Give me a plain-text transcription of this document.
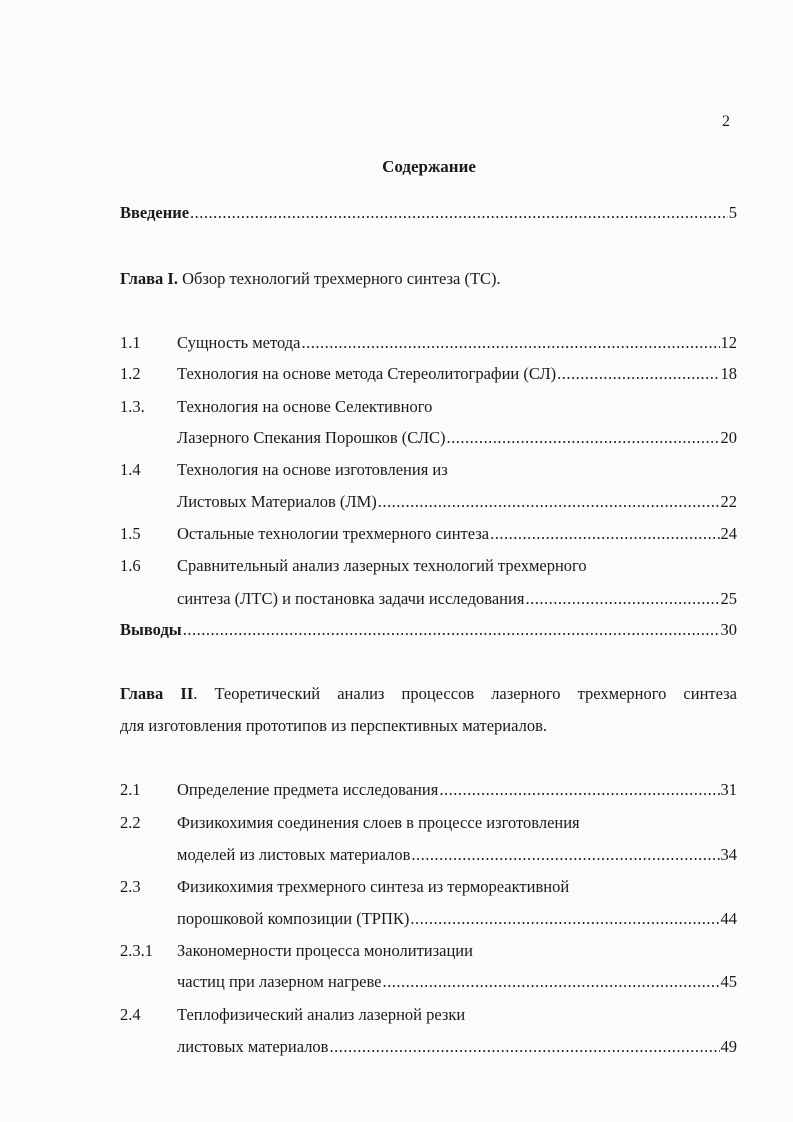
2
Содержание
Введение .....	5
Глава I. Обзор технологий трехмерного синтеза (ТС).
1.1 Сущность метода .....	12
1.2 Технология на основе метода Стереолитографии (СЛ) .....	18
1.3. Технология на основе Селективного
Лазерного Спекания Порошков (СЛС) .....	20
1.4 Технология на основе изготовления из
Листовых Материалов (ЛМ) .....	22
1.5 Остальные технологии трехмерного синтеза .....	24
1.6 Сравнительный анализ лазерных технологий трехмерного
синтеза (ЛТС) и постановка задачи исследования .....	25
Выводы .....	30
Глава II. Теоретический анализ процессов лазерного трехмерного синтеза
для изготовления прототипов из перспективных материалов.
2.1 Определение предмета исследования .....	31
2.2 Физикохимия соединения слоев в процессе изготовления
моделей из листовых материалов .....	34
2.3 Физикохимия трехмерного синтеза из термореактивной
порошковой композиции (ТРПК) .....	44
2.3.1 Закономерности процесса монолитизации
частиц при лазерном нагреве .....	45
2.4 Теплофизический анализ лазерной резки
листовых материалов .....	49
